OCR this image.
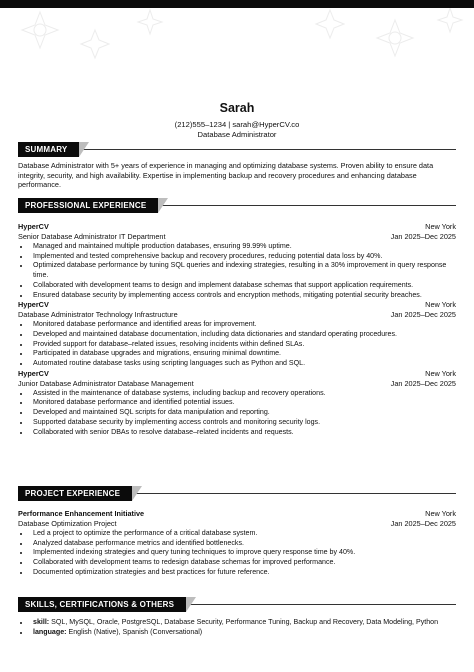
Sarah
(212)555–1234 | sarah@HyperCV.co
Database Administrator
SUMMARY
Database Administrator with 5+ years of experience in managing and optimizing database systems. Proven ability to ensure data integrity, security, and high availability. Expertise in implementing backup and recovery procedures and enhancing database performance.
PROFESSIONAL EXPERIENCE
HyperCV	New York
Senior Database Administrator IT Department	Jan 2025–Dec 2025
• Managed and maintained multiple production databases, ensuring 99.99% uptime.
• Implemented and tested comprehensive backup and recovery procedures, reducing potential data loss by 40%.
• Optimized database performance by tuning SQL queries and indexing strategies, resulting in a 30% improvement in query response time.
• Collaborated with development teams to design and implement database schemas that support application requirements.
• Ensured database security by implementing access controls and encryption methods, mitigating potential security breaches.
HyperCV	New York
Database Administrator Technology Infrastructure	Jan 2025–Dec 2025
• Monitored database performance and identified areas for improvement.
• Developed and maintained database documentation, including data dictionaries and standard operating procedures.
• Provided support for database–related issues, resolving incidents within defined SLAs.
• Participated in database upgrades and migrations, ensuring minimal downtime.
• Automated routine database tasks using scripting languages such as Python and SQL.
HyperCV	New York
Junior Database Administrator Database Management	Jan 2025–Dec 2025
• Assisted in the maintenance of database systems, including backup and recovery operations.
• Monitored database performance and identified potential issues.
• Developed and maintained SQL scripts for data manipulation and reporting.
• Supported database security by implementing access controls and monitoring security logs.
• Collaborated with senior DBAs to resolve database–related incidents and requests.
PROJECT EXPERIENCE
Performance Enhancement Initiative	New York
Database Optimization Project	Jan 2025–Dec 2025
• Led a project to optimize the performance of a critical database system.
• Analyzed database performance metrics and identified bottlenecks.
• Implemented indexing strategies and query tuning techniques to improve query response time by 40%.
• Collaborated with development teams to redesign database schemas for improved performance.
• Documented optimization strategies and best practices for future reference.
SKILLS, CERTIFICATIONS & OTHERS
• skill: SQL, MySQL, Oracle, PostgreSQL, Database Security, Performance Tuning, Backup and Recovery, Data Modeling, Python
• language: English (Native), Spanish (Conversational)
